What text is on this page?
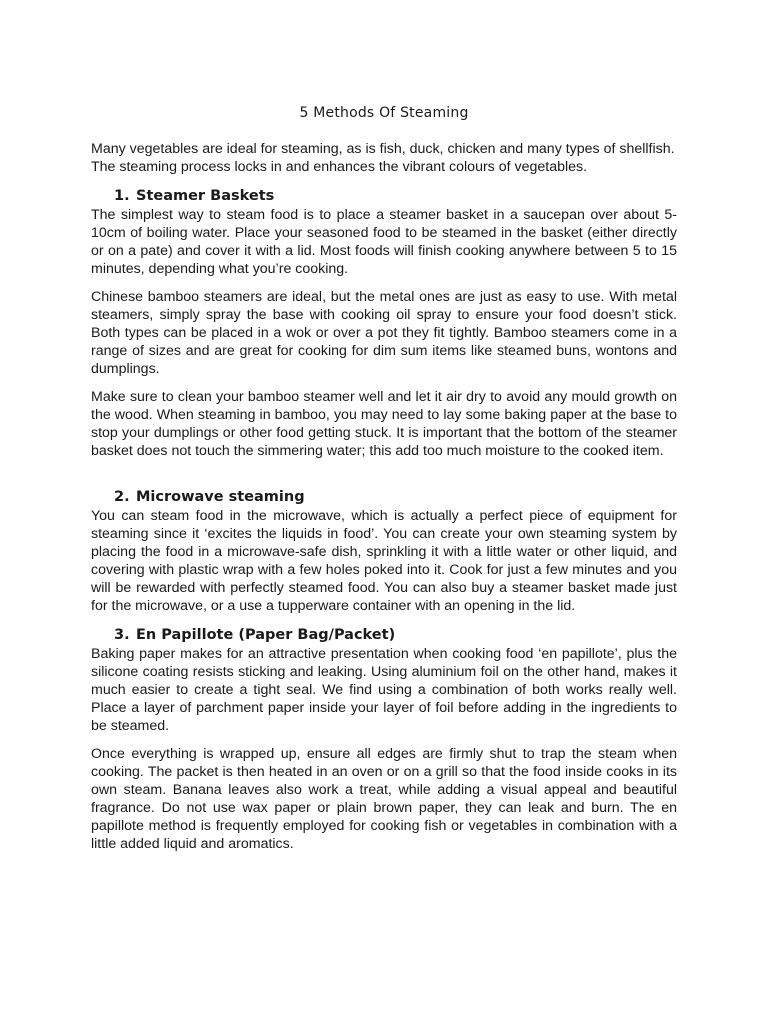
5 Methods Of Steaming

Many vegetables are ideal for steaming, as is fish, duck, chicken and many types of shellfish. The steaming process locks in and enhances the vibrant colours of vegetables.

1. Steamer Baskets

The simplest way to steam food is to place a steamer basket in a saucepan over about 5-10cm of boiling water. Place your seasoned food to be steamed in the basket (either directly or on a pate) and cover it with a lid. Most foods will finish cooking anywhere between 5 to 15 minutes, depending what you’re cooking.

Chinese bamboo steamers are ideal, but the metal ones are just as easy to use. With metal steamers, simply spray the base with cooking oil spray to ensure your food doesn’t stick. Both types can be placed in a wok or over a pot they fit tightly. Bamboo steamers come in a range of sizes and are great for cooking for dim sum items like steamed buns, wontons and dumplings.

Make sure to clean your bamboo steamer well and let it air dry to avoid any mould growth on the wood. When steaming in bamboo, you may need to lay some baking paper at the base to stop your dumplings or other food getting stuck. It is important that the bottom of the steamer basket does not touch the simmering water; this add too much moisture to the cooked item.

2. Microwave steaming

You can steam food in the microwave, which is actually a perfect piece of equipment for steaming since it ‘excites the liquids in food’. You can create your own steaming system by placing the food in a microwave-safe dish, sprinkling it with a little water or other liquid, and covering with plastic wrap with a few holes poked into it. Cook for just a few minutes and you will be rewarded with perfectly steamed food. You can also buy a steamer basket made just for the microwave, or a use a tupperware container with an opening in the lid.

3. En Papillote (Paper Bag/Packet)

Baking paper makes for an attractive presentation when cooking food ‘en papillote’, plus the silicone coating resists sticking and leaking. Using aluminium foil on the other hand, makes it much easier to create a tight seal. We find using a combination of both works really well. Place a layer of parchment paper inside your layer of foil before adding in the ingredients to be steamed.

Once everything is wrapped up, ensure all edges are firmly shut to trap the steam when cooking. The packet is then heated in an oven or on a grill so that the food inside cooks in its own steam. Banana leaves also work a treat, while adding a visual appeal and beautiful fragrance. Do not use wax paper or plain brown paper, they can leak and burn. The en papillote method is frequently employed for cooking fish or vegetables in combination with a little added liquid and aromatics.
